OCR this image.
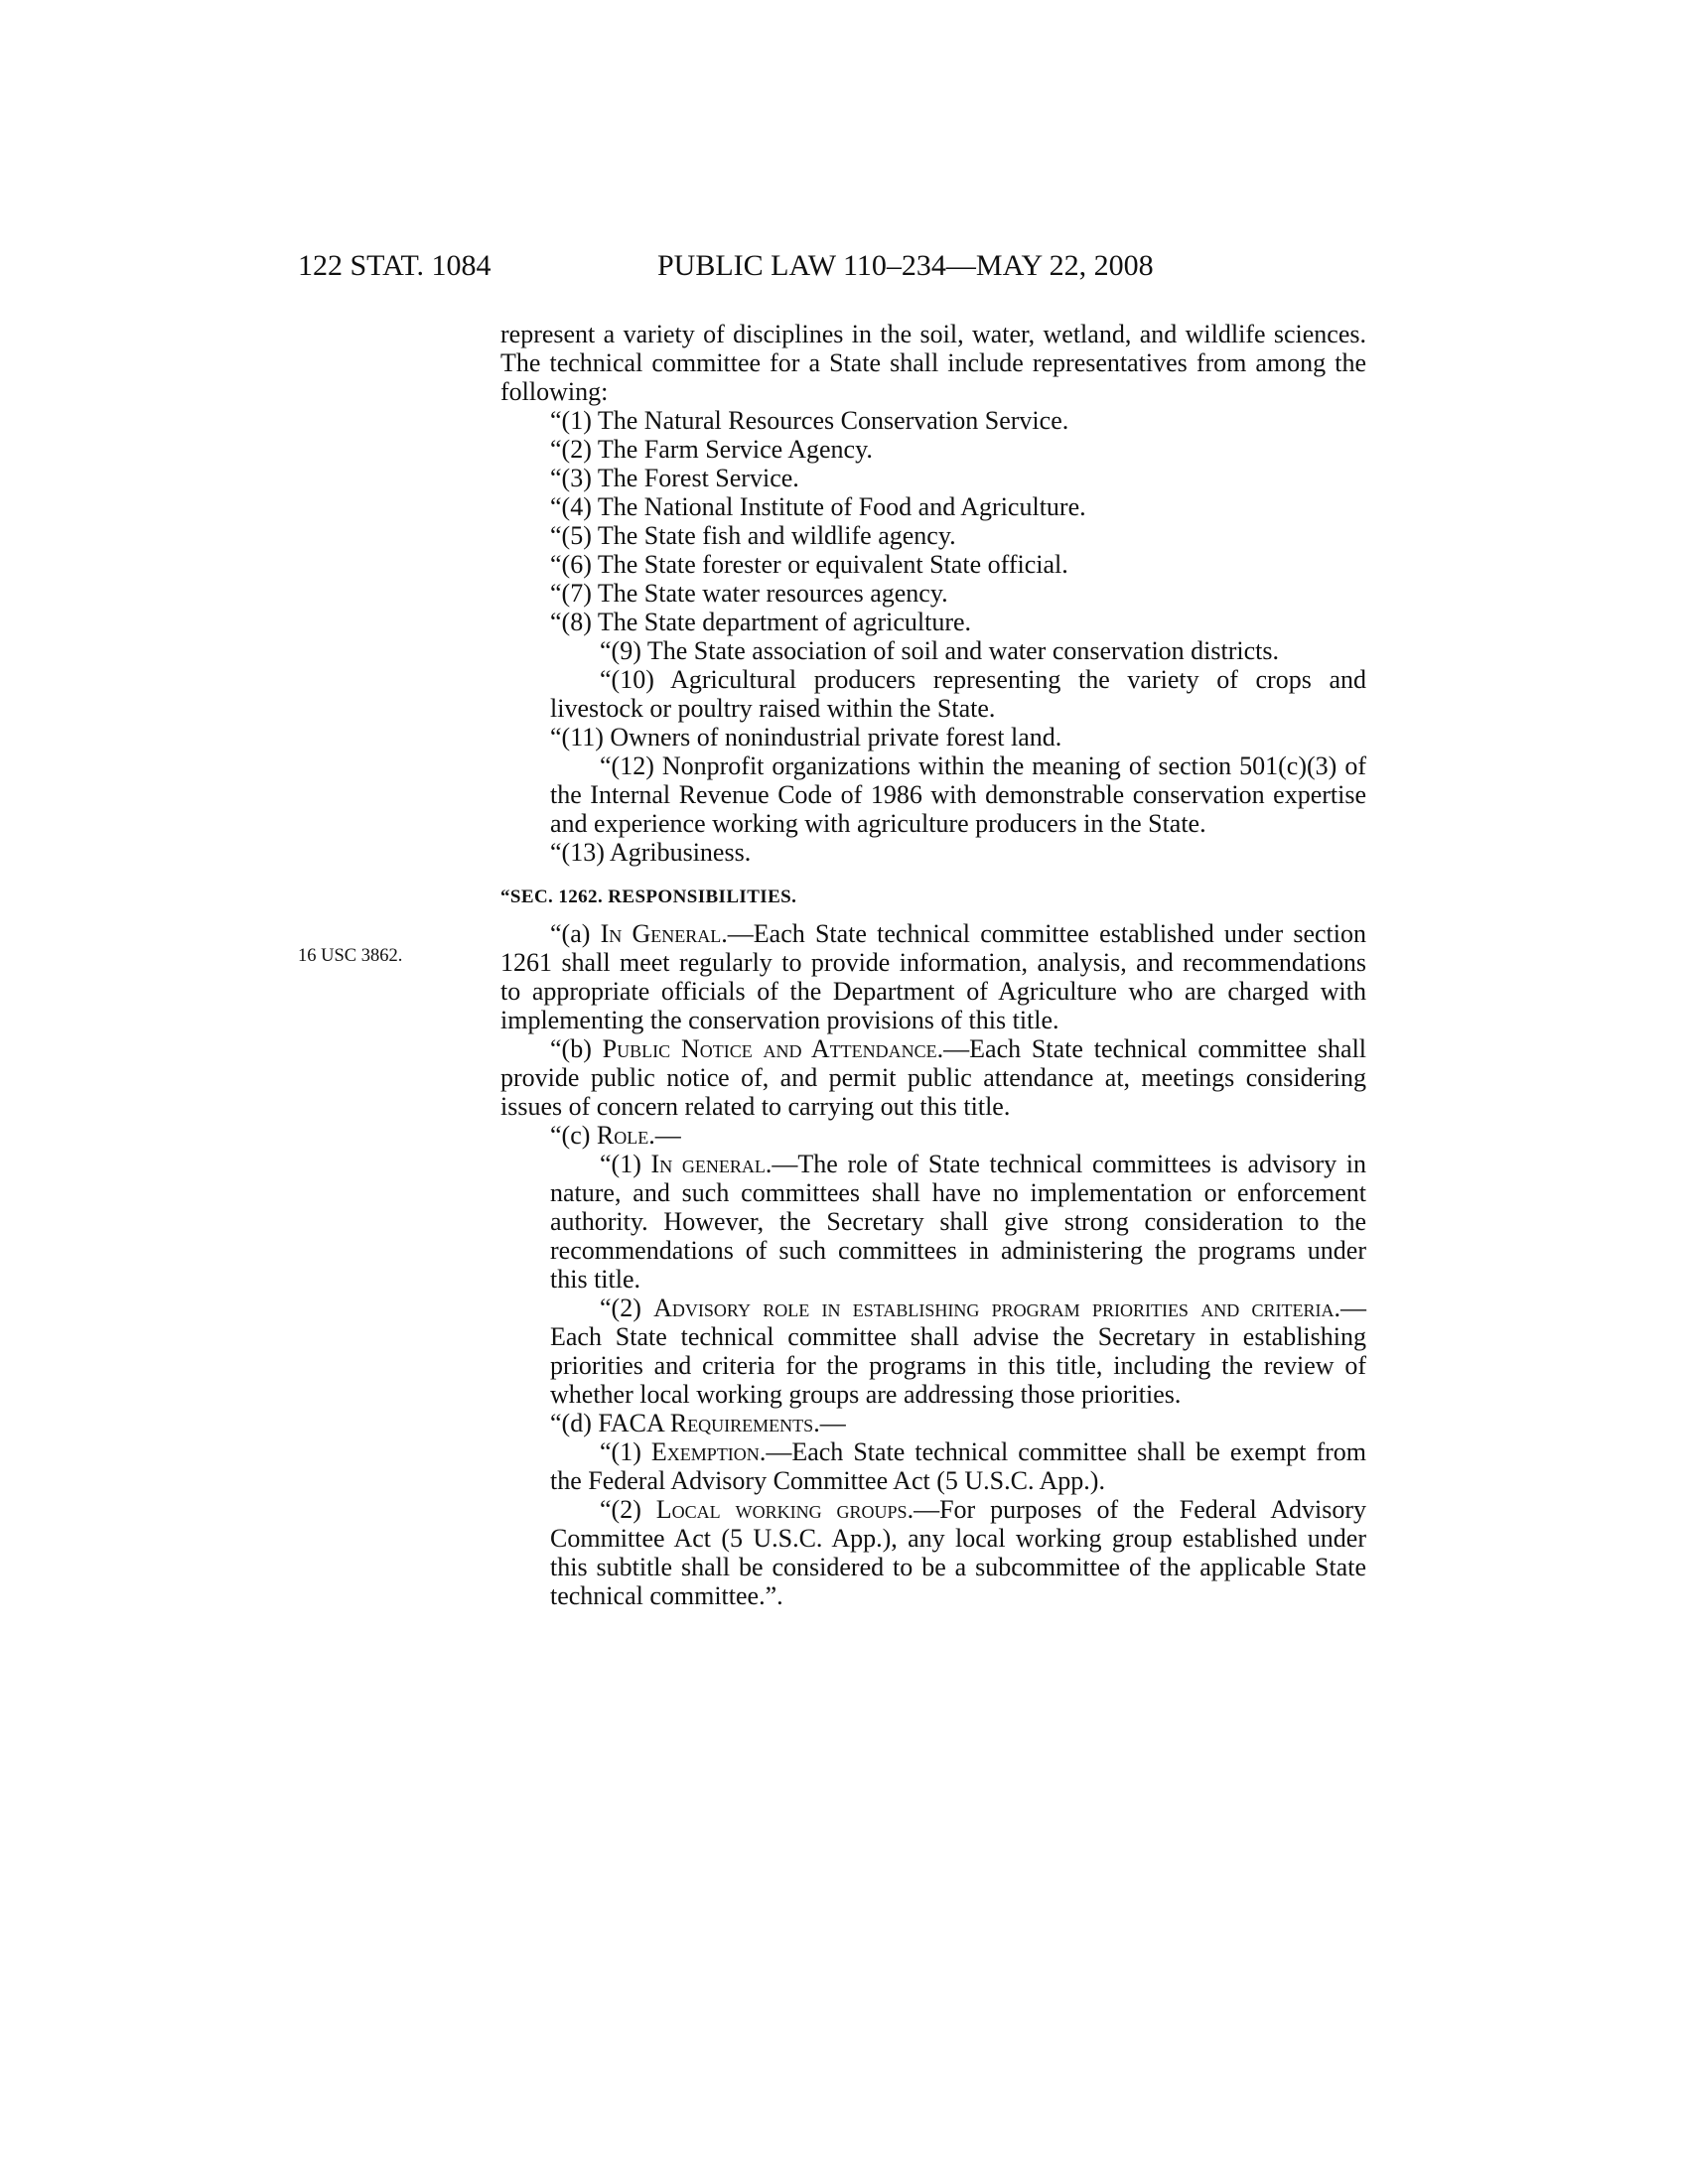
122 STAT. 1084	PUBLIC LAW 110–234—MAY 22, 2008
16 USC 3862.

represent a variety of disciplines in the soil, water, wetland, and wildlife sciences. The technical committee for a State shall include representatives from among the following:

“(1) The Natural Resources Conservation Service.

“(2) The Farm Service Agency.

“(3) The Forest Service.

“(4) The National Institute of Food and Agriculture.

“(5) The State fish and wildlife agency.

“(6) The State forester or equivalent State official.

“(7) The State water resources agency.

“(8) The State department of agriculture.

“(9) The State association of soil and water conservation districts.

“(10) Agricultural producers representing the variety of crops and livestock or poultry raised within the State.

“(11) Owners of nonindustrial private forest land.

“(12) Nonprofit organizations within the meaning of section 501(c)(3) of the Internal Revenue Code of 1986 with demonstrable conservation expertise and experience working with agriculture producers in the State.

“(13) Agribusiness.

“SEC. 1262. RESPONSIBILITIES.

“(a) In General.—Each State technical committee established under section 1261 shall meet regularly to provide information, analysis, and recommendations to appropriate officials of the Department of Agriculture who are charged with implementing the conservation provisions of this title.

“(b) Public Notice and Attendance.—Each State technical committee shall provide public notice of, and permit public attendance at, meetings considering issues of concern related to carrying out this title.

“(c) Role.—

“(1) In general.—The role of State technical committees is advisory in nature, and such committees shall have no implementation or enforcement authority. However, the Secretary shall give strong consideration to the recommendations of such committees in administering the programs under this title.

“(2) Advisory role in establishing program priorities and criteria.—Each State technical committee shall advise the Secretary in establishing priorities and criteria for the programs in this title, including the review of whether local working groups are addressing those priorities.

“(d) FACA Requirements.—

“(1) Exemption.—Each State technical committee shall be exempt from the Federal Advisory Committee Act (5 U.S.C. App.).

“(2) Local working groups.—For purposes of the Federal Advisory Committee Act (5 U.S.C. App.), any local working group established under this subtitle shall be considered to be a subcommittee of the applicable State technical committee.”.
